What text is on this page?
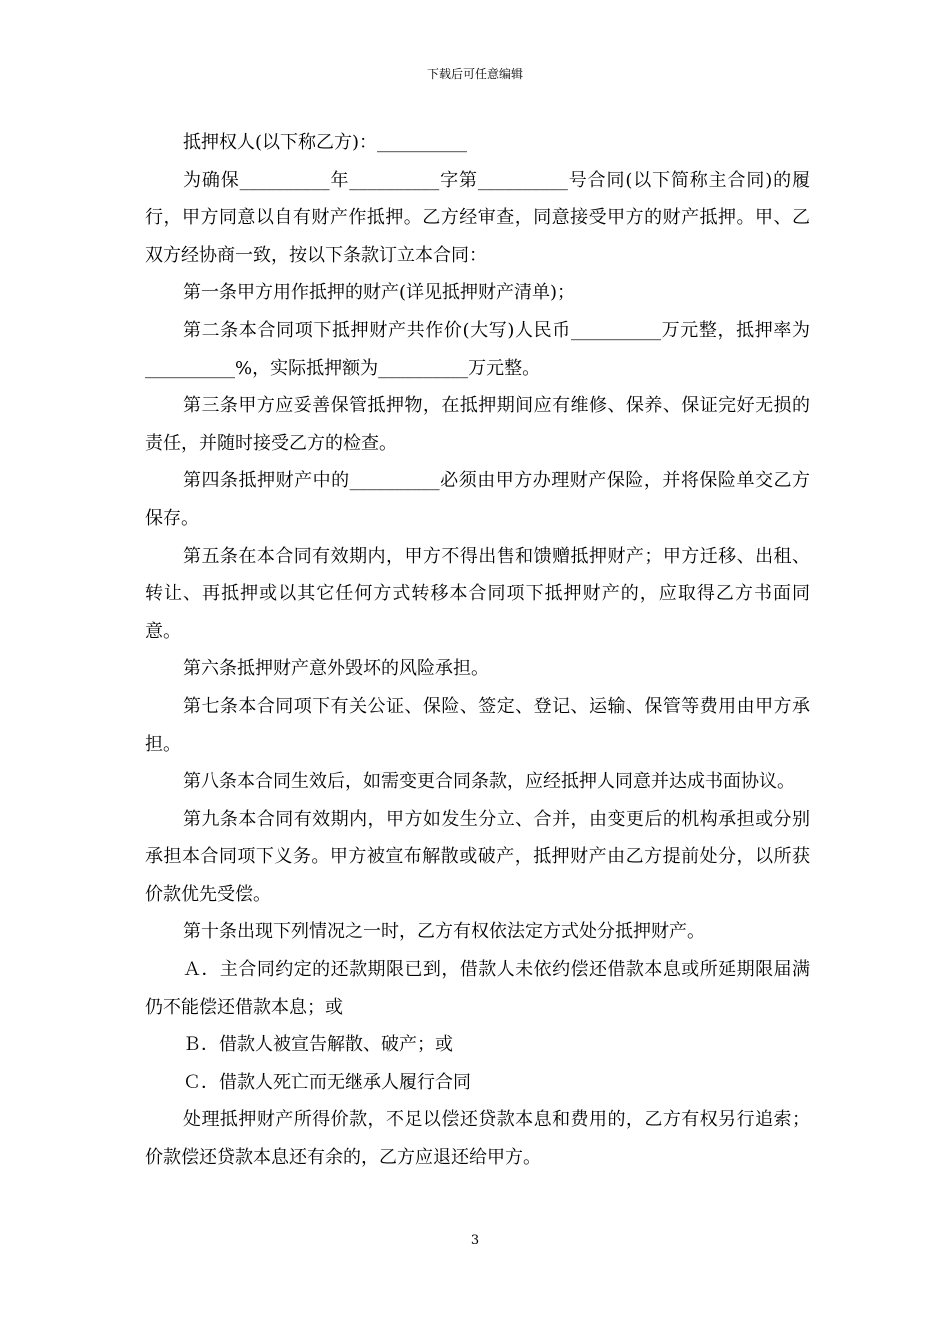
下载后可任意编辑

抵押权人(以下称乙方)：__________

为确保__________年__________字第__________号合同(以下简称主合同)的履行，甲方同意以自有财产作抵押。乙方经审查，同意接受甲方的财产抵押。甲、乙双方经协商一致，按以下条款订立本合同：

第一条甲方用作抵押的财产(详见抵押财产清单)；

第二条本合同项下抵押财产共作价(大写)人民币__________万元整，抵押率为__________%，实际抵押额为__________万元整。

第三条甲方应妥善保管抵押物，在抵押期间应有维修、保养、保证完好无损的责任，并随时接受乙方的检查。

第四条抵押财产中的__________必须由甲方办理财产保险，并将保险单交乙方保存。

第五条在本合同有效期内，甲方不得出售和馈赠抵押财产；甲方迁移、出租、转让、再抵押或以其它任何方式转移本合同项下抵押财产的，应取得乙方书面同意。

第六条抵押财产意外毁坏的风险承担。

第七条本合同项下有关公证、保险、签定、登记、运输、保管等费用由甲方承担。

第八条本合同生效后，如需变更合同条款，应经抵押人同意并达成书面协议。

第九条本合同有效期内，甲方如发生分立、合并，由变更后的机构承担或分别承担本合同项下义务。甲方被宣布解散或破产，抵押财产由乙方提前处分，以所获价款优先受偿。

第十条出现下列情况之一时，乙方有权依法定方式处分抵押财产。

Ａ．主合同约定的还款期限已到，借款人未依约偿还借款本息或所延期限届满仍不能偿还借款本息；或

Ｂ．借款人被宣告解散、破产；或

Ｃ．借款人死亡而无继承人履行合同

处理抵押财产所得价款，不足以偿还贷款本息和费用的，乙方有权另行追索；价款偿还贷款本息还有余的，乙方应退还给甲方。

3
